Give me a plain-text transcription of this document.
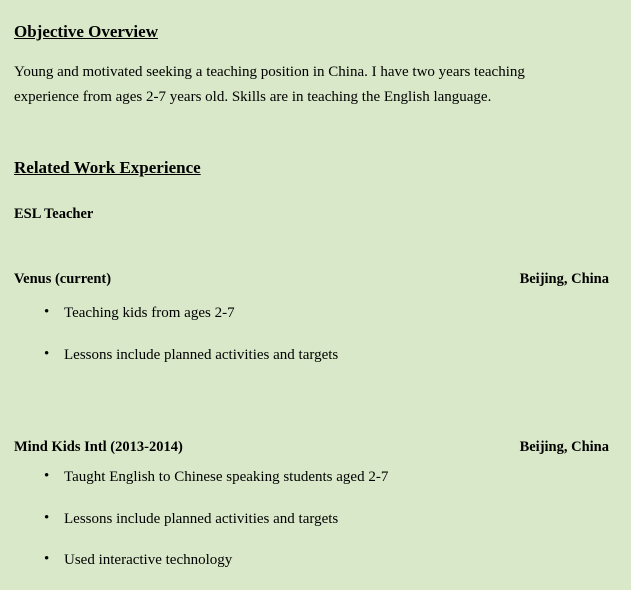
Objective Overview

Young and motivated seeking a teaching position in China. I have two years teaching experience from ages 2-7 years old. Skills are in teaching the English language.

Related Work Experience
ESL Teacher
Venus (current)	Beijing, China
• Teaching kids from ages 2-7
• Lessons include planned activities and targets
Mind Kids Intl (2013-2014)	Beijing, China
• Taught English to Chinese speaking students aged 2-7
• Lessons include planned activities and targets
• Used interactive technology
